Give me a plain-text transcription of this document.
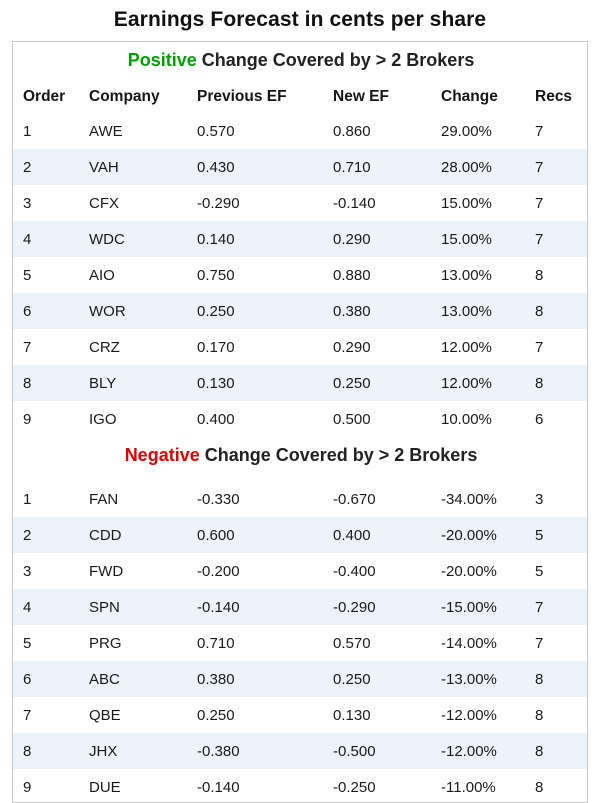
Earnings Forecast in cents per share
Positive Change Covered by > 2 Brokers					
Order	Company	Previous EF	New EF	Change	Recs
1	AWE	0.570	0.860	29.00%	7
2	VAH	0.430	0.710	28.00%	7
3	CFX	-0.290	-0.140	15.00%	7
4	WDC	0.140	0.290	15.00%	7
5	AIO	0.750	0.880	13.00%	8
6	WOR	0.250	0.380	13.00%	8
7	CRZ	0.170	0.290	12.00%	7
8	BLY	0.130	0.250	12.00%	8
9	IGO	0.400	0.500	10.00%	6
Negative Change Covered by > 2 Brokers					

1	FAN	-0.330	-0.670	-34.00%	3
2	CDD	0.600	0.400	-20.00%	5
3	FWD	-0.200	-0.400	-20.00%	5
4	SPN	-0.140	-0.290	-15.00%	7
5	PRG	0.710	0.570	-14.00%	7
6	ABC	0.380	0.250	-13.00%	8
7	QBE	0.250	0.130	-12.00%	8
8	JHX	-0.380	-0.500	-12.00%	8
9	DUE	-0.140	-0.250	-11.00%	8
